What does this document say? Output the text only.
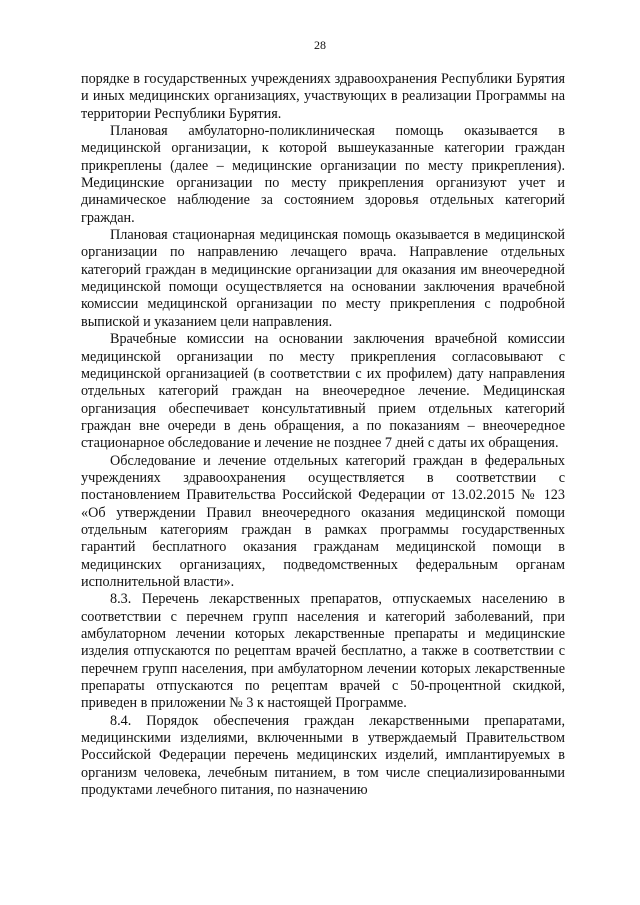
28

порядке в государственных учреждениях здравоохранения Республики Бурятия и иных медицинских организациях, участвующих в реализации Программы на территории Республики Бурятия.

Плановая амбулаторно-поликлиническая помощь оказывается в медицинской организации, к которой вышеуказанные категории граждан прикреплены (далее – медицинские организации по месту прикрепления). Медицинские организации по месту прикрепления организуют учет и динамическое наблюдение за состоянием здоровья отдельных категорий граждан.

Плановая стационарная медицинская помощь оказывается в медицинской организации по направлению лечащего врача. Направление отдельных категорий граждан в медицинские организации для оказания им внеочередной медицинской помощи осуществляется на основании заключения врачебной комиссии медицинской организации по месту прикрепления с подробной выпиской и указанием цели направления.

Врачебные комиссии на основании заключения врачебной комиссии медицинской организации по месту прикрепления согласовывают с медицинской организацией (в соответствии с их профилем) дату направления отдельных категорий граждан на внеочередное лечение. Медицинская организация обеспечивает консультативный прием отдельных категорий граждан вне очереди в день обращения, а по показаниям – внеочередное стационарное обследование и лечение не позднее 7 дней с даты их обращения.

Обследование и лечение отдельных категорий граждан в федеральных учреждениях здравоохранения осуществляется в соответствии с постановлением Правительства Российской Федерации от 13.02.2015 № 123 «Об утверждении Правил внеочередного оказания медицинской помощи отдельным категориям граждан в рамках программы государственных гарантий бесплатного оказания гражданам медицинской помощи в медицинских организациях, подведомственных федеральным органам исполнительной власти».

8.3. Перечень лекарственных препаратов, отпускаемых населению в соответствии с перечнем групп населения и категорий заболеваний, при амбулаторном лечении которых лекарственные препараты и медицинские изделия отпускаются по рецептам врачей бесплатно, а также в соответствии с перечнем групп населения, при амбулаторном лечении которых лекарственные препараты отпускаются по рецептам врачей с 50-процентной скидкой, приведен в приложении № 3 к настоящей Программе.

8.4. Порядок обеспечения граждан лекарственными препаратами, медицинскими изделиями, включенными в утверждаемый Правительством Российской Федерации перечень медицинских изделий, имплантируемых в организм человека, лечебным питанием, в том числе специализированными продуктами лечебного питания, по назначению
